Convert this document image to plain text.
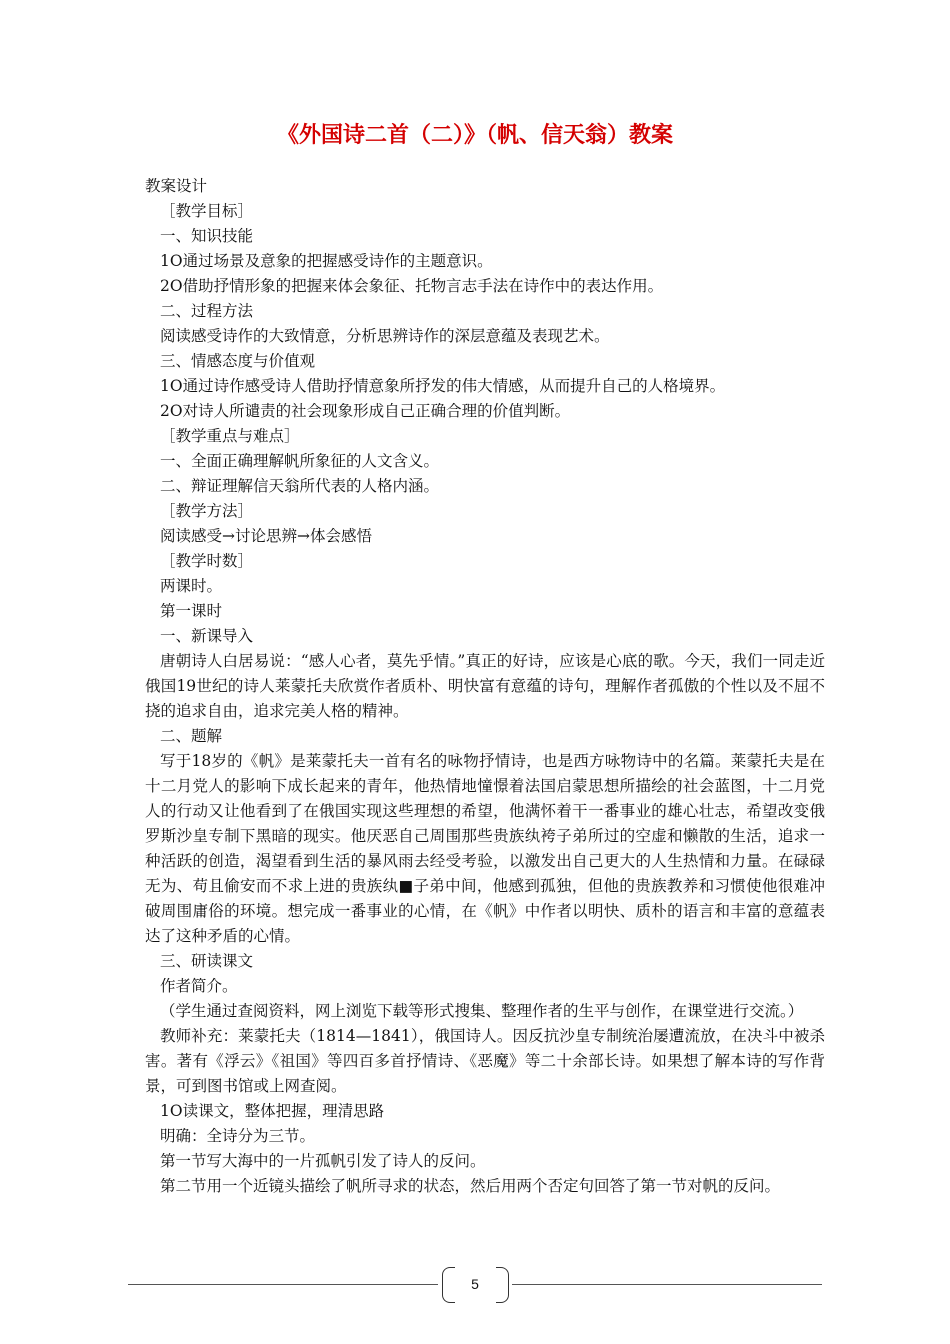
《外国诗二首（二）》（帆、信天翁）教案

教案设计

［教学目标］

一、知识技能

1O通过场景及意象的把握感受诗作的主题意识。

2O借助抒情形象的把握来体会象征、托物言志手法在诗作中的表达作用。

二、过程方法

阅读感受诗作的大致情意，分析思辨诗作的深层意蕴及表现艺术。

三、情感态度与价值观

1O通过诗作感受诗人借助抒情意象所抒发的伟大情感，从而提升自己的人格境界。

2O对诗人所谴责的社会现象形成自己正确合理的价值判断。

［教学重点与难点］

一、全面正确理解帆所象征的人文含义。

二、辩证理解信天翁所代表的人格内涵。

［教学方法］

阅读感受→讨论思辨→体会感悟

［教学时数］

两课时。

第一课时

一、新课导入

唐朝诗人白居易说：“感人心者，莫先乎情。”真正的好诗，应该是心底的歌。今天，我们一同走近俄国19世纪的诗人莱蒙托夫欣赏作者质朴、明快富有意蕴的诗句，理解作者孤傲的个性以及不屈不挠的追求自由，追求完美人格的精神。

二、题解

写于18岁的《帆》是莱蒙托夫一首有名的咏物抒情诗，也是西方咏物诗中的名篇。莱蒙托夫是在十二月党人的影响下成长起来的青年，他热情地憧憬着法国启蒙思想所描绘的社会蓝图，十二月党人的行动又让他看到了在俄国实现这些理想的希望，他满怀着干一番事业的雄心壮志，希望改变俄罗斯沙皇专制下黑暗的现实。他厌恶自己周围那些贵族纨袴子弟所过的空虚和懒散的生活，追求一种活跃的创造，渴望看到生活的暴风雨去经受考验，以激发出自己更大的人生热情和力量。在碌碌无为、苟且偷安而不求上进的贵族纨■子弟中间，他感到孤独，但他的贵族教养和习惯使他很难冲破周围庸俗的环境。想完成一番事业的心情，在《帆》中作者以明快、质朴的语言和丰富的意蕴表达了这种矛盾的心情。

三、研读课文

作者简介。

（学生通过查阅资料，网上浏览下载等形式搜集、整理作者的生平与创作，在课堂进行交流。）

教师补充：莱蒙托夫（1814—1841），俄国诗人。因反抗沙皇专制统治屡遭流放，在决斗中被杀害。著有《浮云》《祖国》等四百多首抒情诗、《恶魔》等二十余部长诗。如果想了解本诗的写作背景，可到图书馆或上网查阅。

1O读课文，整体把握，理清思路

明确：全诗分为三节。

第一节写大海中的一片孤帆引发了诗人的反问。

第二节用一个近镜头描绘了帆所寻求的状态，然后用两个否定句回答了第一节对帆的反问。

5
